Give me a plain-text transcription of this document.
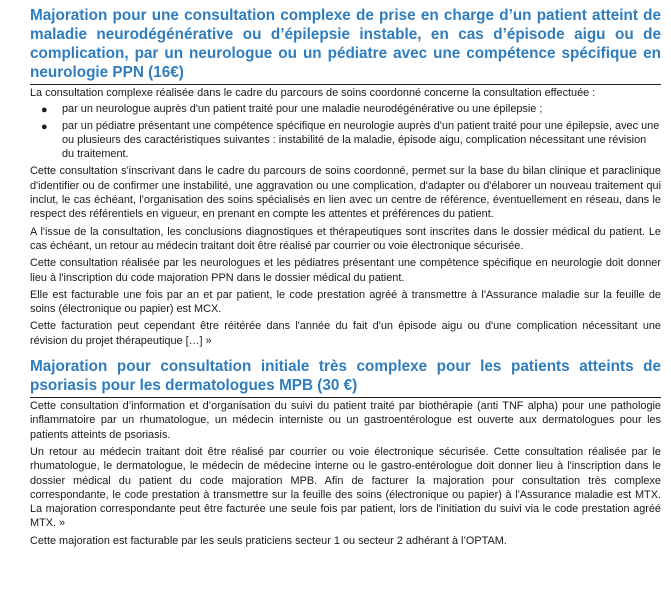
Majoration pour une consultation complexe de prise en charge d’un patient atteint de maladie neurodégénérative ou d’épilepsie instable, en cas d’épisode aigu ou de complication, par un neurologue ou un pédiatre avec une compétence spécifique en neurologie PPN (16€)

La consultation complexe réalisée dans le cadre du parcours de soins coordonné concerne la consultation effectuée :

● par un neurologue auprès d'un patient traité pour une maladie neurodégénérative ou une épilepsie ;
● par un pédiatre présentant une compétence spécifique en neurologie auprès d'un patient traité pour une épilepsie, avec une ou plusieurs des caractéristiques suivantes : instabilité de la maladie, épisode aigu, complication nécessitant une révision du traitement.

Cette consultation s'inscrivant dans le cadre du parcours de soins coordonné, permet sur la base du bilan clinique et paraclinique d'identifier ou de confirmer une instabilité, une aggravation ou une complication, d'adapter ou d'élaborer un nouveau traitement qui inclut, le cas échéant, l'organisation des soins spécialisés en lien avec un centre de référence, éventuellement en réseau, dans le respect des référentiels en vigueur, en prenant en compte les attentes et préférences du patient.

A l'issue de la consultation, les conclusions diagnostiques et thérapeutiques sont inscrites dans le dossier médical du patient. Le cas échéant, un retour au médecin traitant doit être réalisé par courrier ou voie électronique sécurisée.

Cette consultation réalisée par les neurologues et les pédiatres présentant une compétence spécifique en neurologie doit donner lieu à l'inscription du code majoration PPN dans le dossier médical du patient.

Elle est facturable une fois par an et par patient, le code prestation agréé à transmettre à l'Assurance maladie sur la feuille de soins (électronique ou papier) est MCX.

Cette facturation peut cependant être réitérée dans l'année du fait d'un épisode aigu ou d'une complication nécessitant une révision du projet thérapeutique […] »

Majoration pour consultation initiale très complexe pour les patients atteints de psoriasis pour les dermatologues MPB (30 €)

Cette consultation d’information et d’organisation du suivi du patient traité par biothérapie (anti TNF alpha) pour une pathologie inflammatoire par un rhumatologue, un médecin interniste ou un gastroentérologue est ouverte aux dermatologues pour les patients atteints de psoriasis.

Un retour au médecin traitant doit être réalisé par courrier ou voie électronique sécurisée. Cette consultation réalisée par le rhumatologue, le dermatologue, le médecin de médecine interne ou le gastro-entérologue doit donner lieu à l'inscription dans le dossier médical du patient du code majoration MPB. Afin de facturer la majoration pour consultation très complexe correspondante, le code prestation à transmettre sur la feuille des soins (électronique ou papier) à l'Assurance maladie est MTX. La majoration correspondante peut être facturée une seule fois par patient, lors de l'initiation du suivi via le code prestation agréé MTX. »

Cette majoration est facturable par les seuls praticiens secteur 1 ou secteur 2 adhérant à l’OPTAM.
